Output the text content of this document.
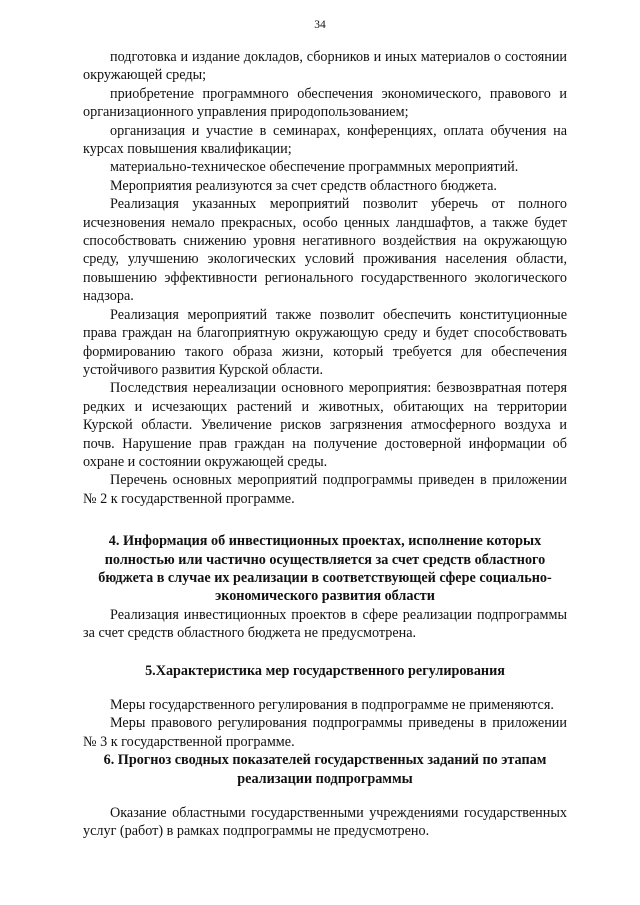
34

подготовка и издание докладов, сборников и иных материалов о состоянии окружающей среды;

приобретение программного обеспечения экономического, правового и организационного управления природопользованием;

организация и участие в семинарах, конференциях, оплата обучения на курсах повышения квалификации;

материально-техническое обеспечение программных мероприятий.

Мероприятия реализуются за счет средств областного бюджета.

Реализация указанных мероприятий позволит уберечь от полного исчезновения немало прекрасных, особо ценных ландшафтов, а также будет способствовать снижению уровня негативного воздействия на окружающую среду, улучшению экологических условий проживания населения области, повышению эффективности регионального государственного экологического надзора.

Реализация мероприятий также позволит обеспечить конституционные права граждан на благоприятную окружающую среду и будет способствовать формированию такого образа жизни, который требуется для обеспечения устойчивого развития Курской области.

Последствия нереализации основного мероприятия: безвозвратная потеря редких и исчезающих растений и животных, обитающих на территории Курской области. Увеличение рисков загрязнения атмосферного воздуха и почв. Нарушение прав граждан на получение достоверной информации об охране и состоянии окружающей среды.

Перечень основных мероприятий подпрограммы приведен в приложении № 2 к государственной программе.

4. Информация об инвестиционных проектах, исполнение которых полностью или частично осуществляется за счет средств областного бюджета в случае их реализации в соответствующей сфере социально-экономического развития области

Реализация инвестиционных проектов в сфере реализации подпрограммы за счет средств областного бюджета не предусмотрена.

5.Характеристика мер государственного регулирования

Меры государственного регулирования в подпрограмме не применяются.

Меры правового регулирования подпрограммы приведены в приложении № 3 к государственной программе.

6. Прогноз сводных показателей государственных заданий по этапам реализации подпрограммы

Оказание областными государственными учреждениями государственных услуг (работ) в рамках подпрограммы не предусмотрено.
